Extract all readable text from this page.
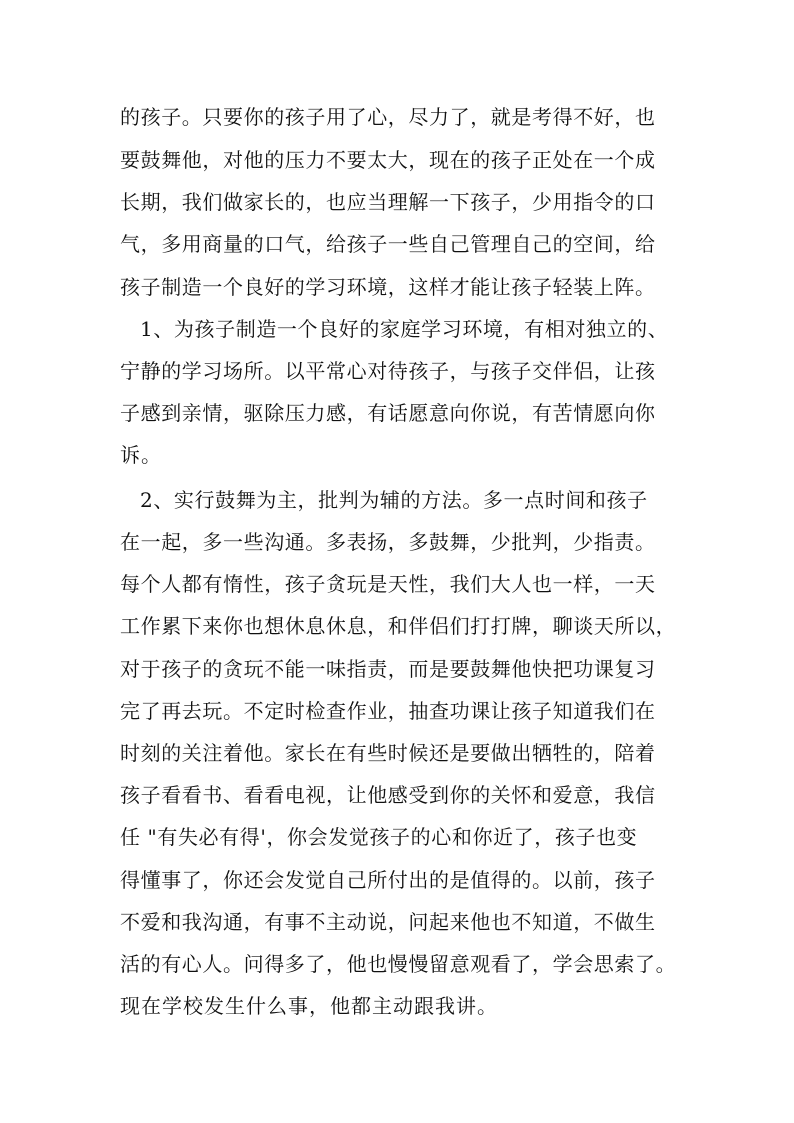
的孩子。只要你的孩子用了心，尽力了，就是考得不好，也
要鼓舞他，对他的压力不要太大，现在的孩子正处在一个成
长期，我们做家长的，也应当理解一下孩子，少用指令的口
气，多用商量的口气，给孩子一些自己管理自己的空间，给
孩子制造一个良好的学习环境，这样才能让孩子轻装上阵。
1、为孩子制造一个良好的家庭学习环境，有相对独立的、
宁静的学习场所。以平常心对待孩子，与孩子交伴侣，让孩
子感到亲情，驱除压力感，有话愿意向你说，有苦情愿向你
诉。
2、实行鼓舞为主，批判为辅的方法。多一点时间和孩子
在一起，多一些沟通。多表扬，多鼓舞，少批判，少指责。
每个人都有惰性，孩子贪玩是天性，我们大人也一样，一天
工作累下来你也想休息休息，和伴侣们打打牌，聊谈天所以，
对于孩子的贪玩不能一味指责，而是要鼓舞他快把功课复习
完了再去玩。不定时检查作业，抽查功课让孩子知道我们在
时刻的关注着他。家长在有些时候还是要做出牺牲的，陪着
孩子看看书、看看电视，让他感受到你的关怀和爱意，我信
任 "有失必有得'，你会发觉孩子的心和你近了，孩子也变
得懂事了，你还会发觉自己所付出的是值得的。以前，孩子
不爱和我沟通，有事不主动说，问起来他也不知道，不做生
活的有心人。问得多了，他也慢慢留意观看了，学会思索了。
现在学校发生什么事，他都主动跟我讲。
